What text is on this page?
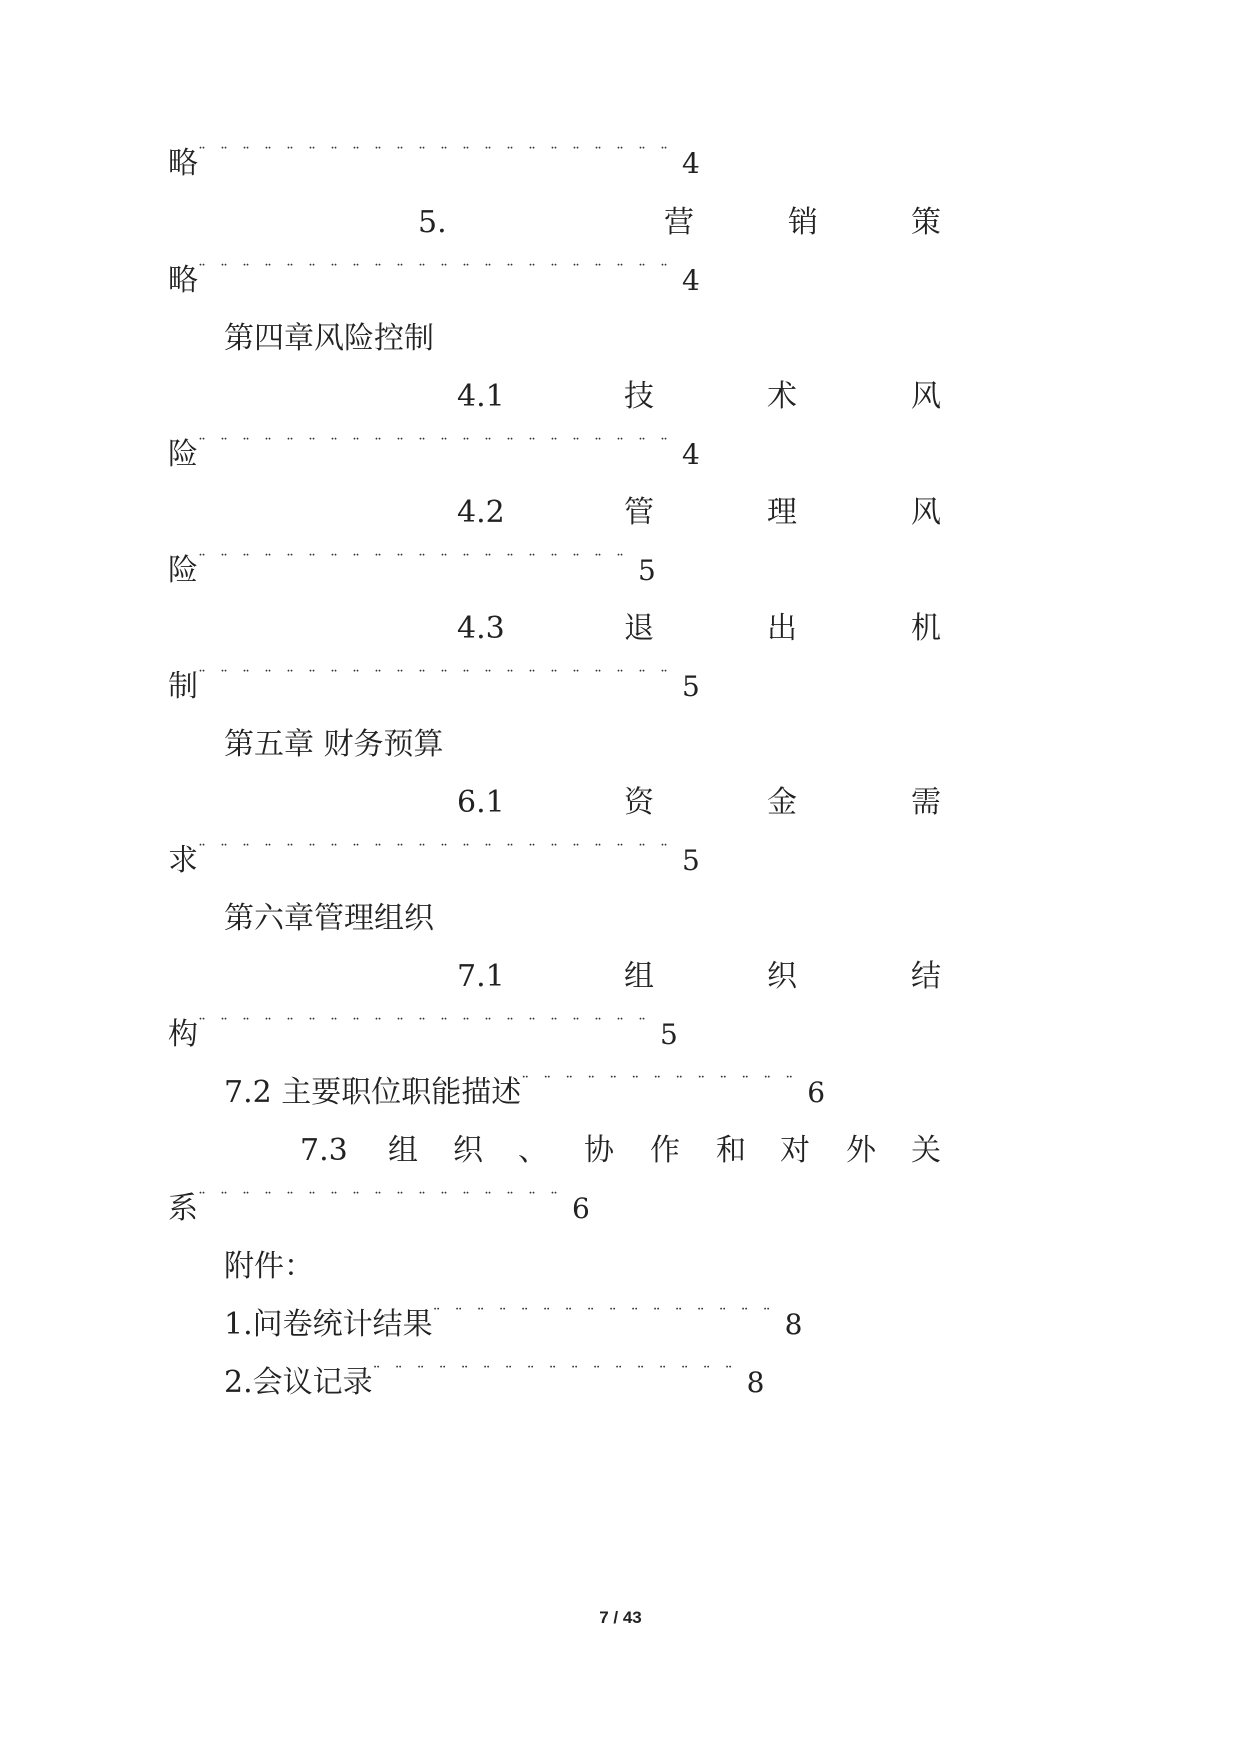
略 ¨¨¨¨¨¨¨¨¨¨¨¨¨¨¨¨¨¨¨¨¨¨	4
5.	营	销	策
略 ¨¨¨¨¨¨¨¨¨¨¨¨¨¨¨¨¨¨¨¨¨¨	4
第四章风险控制
4.1	技	术	风
险 ¨¨¨¨¨¨¨¨¨¨¨¨¨¨¨¨¨¨¨¨¨¨	4
4.2	管	理	风
险 ¨¨¨¨¨¨¨¨¨¨¨¨¨¨¨¨¨¨¨¨	5
4.3	退	出	机
制 ¨¨¨¨¨¨¨¨¨¨¨¨¨¨¨¨¨¨¨¨¨¨	5
第五章 财务预算
6.1	资	金	需
求 ¨¨¨¨¨¨¨¨¨¨¨¨¨¨¨¨¨¨¨¨¨¨	5
第六章管理组织
7.1	组	织	结
构 ¨¨¨¨¨¨¨¨¨¨¨¨¨¨¨¨¨¨¨¨¨	5
7.2 主要职位职能描述 ¨¨¨¨¨¨¨¨¨¨¨¨¨	6
7.3 组 织 、 协 作 和 对 外 关
系 ¨¨¨¨¨¨¨¨¨¨¨¨¨¨¨¨¨	6
附件：
1.问卷统计结果 ¨¨¨¨¨¨¨¨¨¨¨¨¨¨¨¨	8
2.会议记录 ¨¨¨¨¨¨¨¨¨¨¨¨¨¨¨¨¨	8
7 / 43
